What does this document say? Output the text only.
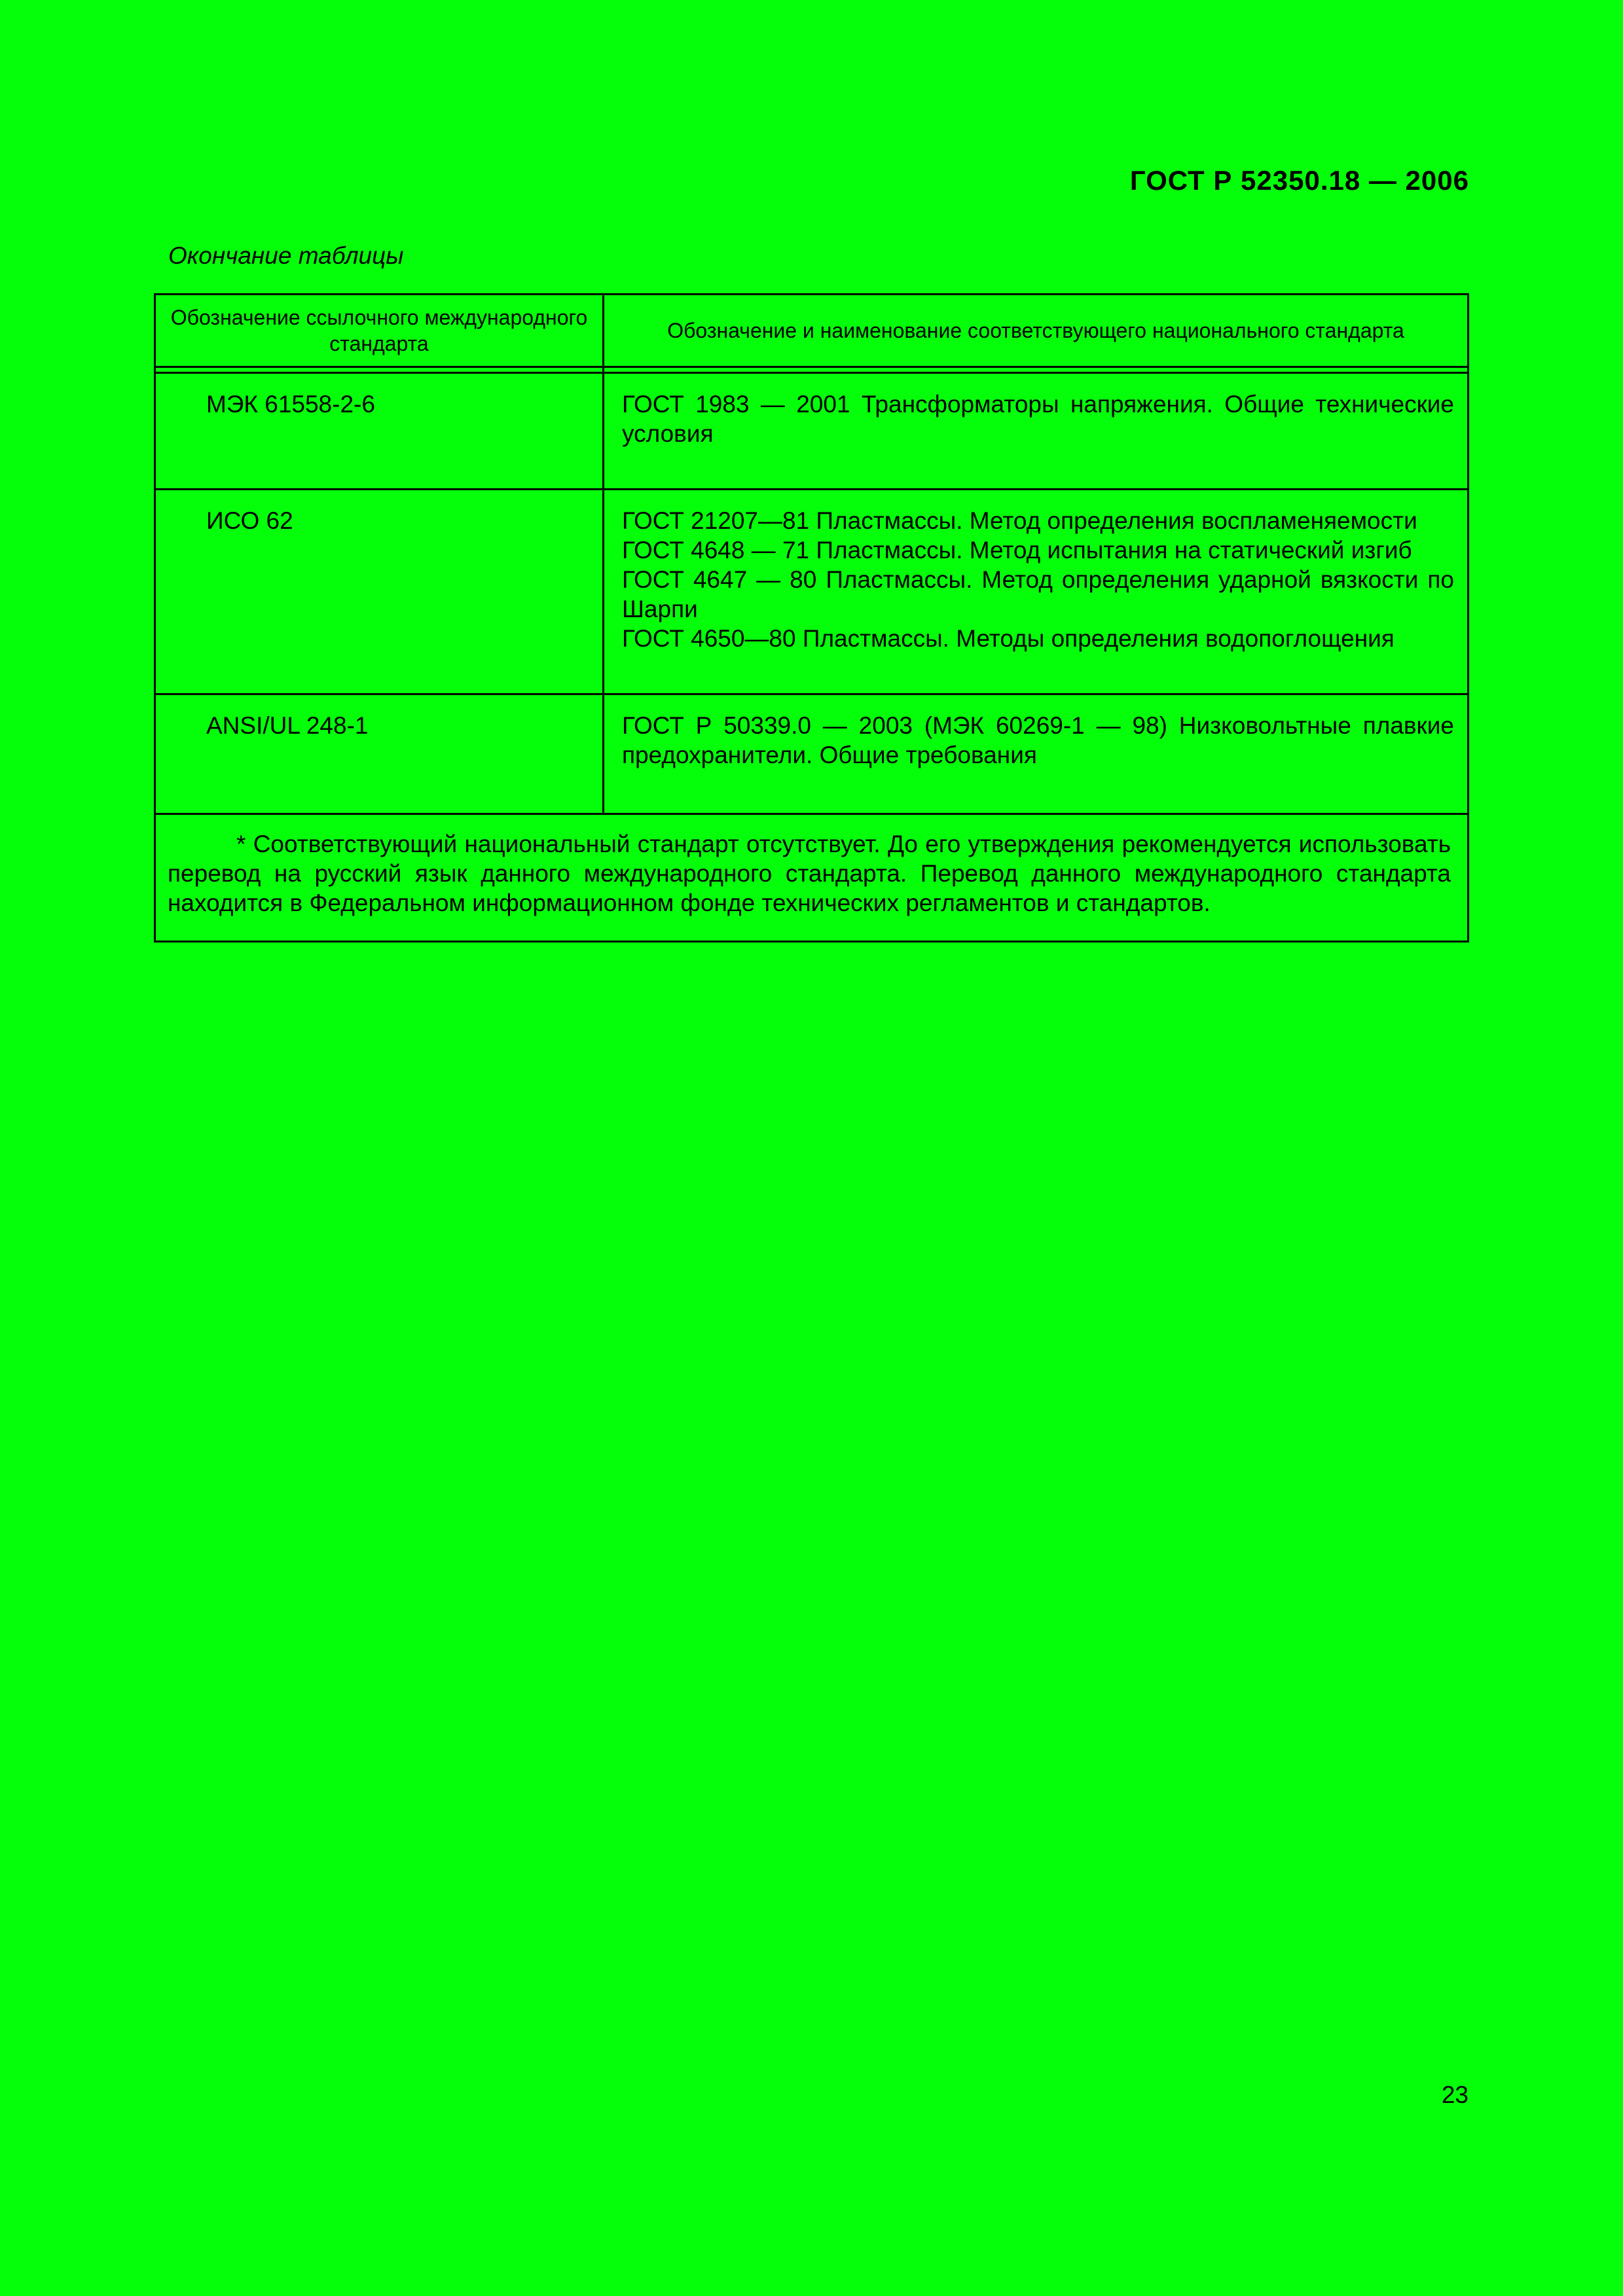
ГОСТ Р 52350.18 — 2006
Окончание таблицы
Обозначение ссылочного международного стандарта	Обозначение и наименование соответствующего национального стандарта

МЭК 61558-2-6	ГОСТ 1983 — 2001 Трансформаторы напряжения. Общие технические условия

ИСО 62	ГОСТ 21207—81 Пластмассы. Метод определения воспламеняемости
ГОСТ 4648 — 71 Пластмассы. Метод испытания на статический изгиб
ГОСТ 4647 — 80 Пластмассы. Метод определения ударной вязкости по Шарпи
ГОСТ 4650—80 Пластмассы. Методы определения водопоглощения

ANSI/UL 248-1	ГОСТ Р 50339.0 — 2003 (МЭК 60269-1 — 98) Низковольтные плавкие предохранители. Общие требования

* Соответствующий национальный стандарт отсутствует. До его утверждения рекомендуется использовать перевод на русский язык данного международного стандарта. Перевод данного международного стандарта находится в Федеральном информационном фонде технических регламентов и стандартов.	
23
